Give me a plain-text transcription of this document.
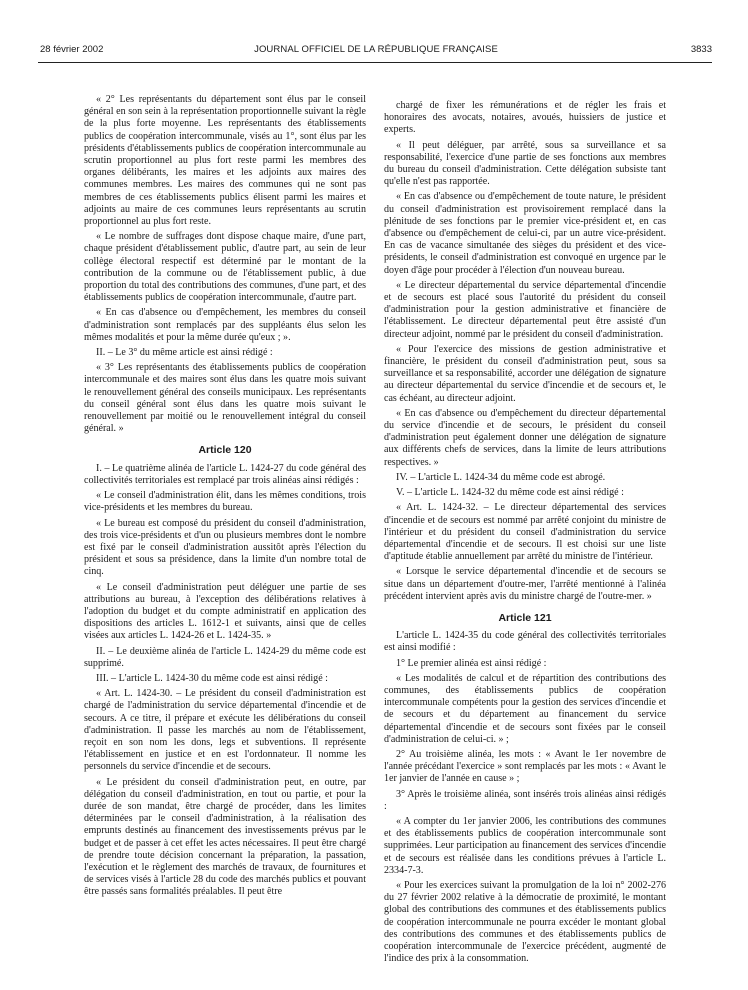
28 février 2002	JOURNAL OFFICIEL DE LA RÉPUBLIQUE FRANÇAISE	3833

« 2° Les représentants du département sont élus par le conseil général en son sein à la représentation proportionnelle suivant la règle de la plus forte moyenne. Les représentants des établissements publics de coopération intercommunale, visés au 1°, sont élus par les présidents d'établissements publics de coopération intercommunale au scrutin proportionnel au plus fort reste parmi les membres des organes délibérants, les maires et les adjoints aux maires des communes membres. Les maires des communes qui ne sont pas membres de ces établissements publics élisent parmi les maires et adjoints au maire de ces communes leurs représentants au scrutin proportionnel au plus fort reste.

« Le nombre de suffrages dont dispose chaque maire, d'une part, chaque président d'établissement public, d'autre part, au sein de leur collège électoral respectif est déterminé par le montant de la contribution de la commune ou de l'établissement public, à due proportion du total des contributions des communes, d'une part, et des établissements publics de coopération intercommunale, d'autre part.

« En cas d'absence ou d'empêchement, les membres du conseil d'administration sont remplacés par des suppléants élus selon les mêmes modalités et pour la même durée qu'eux ; ».

II. – Le 3° du même article est ainsi rédigé :

« 3° Les représentants des établissements publics de coopération intercommunale et des maires sont élus dans les quatre mois suivant le renouvellement général des conseils municipaux. Les représentants du conseil général sont élus dans les quatre mois suivant le renouvellement par moitié ou le renouvellement intégral du conseil général. »

Article 120

I. – Le quatrième alinéa de l'article L. 1424-27 du code général des collectivités territoriales est remplacé par trois alinéas ainsi rédigés :

« Le conseil d'administration élit, dans les mêmes conditions, trois vice-présidents et les membres du bureau.

« Le bureau est composé du président du conseil d'administration, des trois vice-présidents et d'un ou plusieurs membres dont le nombre est fixé par le conseil d'administration aussitôt après l'élection du président et sous sa présidence, dans la limite d'un nombre total de cinq.

« Le conseil d'administration peut déléguer une partie de ses attributions au bureau, à l'exception des délibérations relatives à l'adoption du budget et du compte administratif en application des dispositions des articles L. 1612-1 et suivants, ainsi que de celles visées aux articles L. 1424-26 et L. 1424-35. »

II. – Le deuxième alinéa de l'article L. 1424-29 du même code est supprimé.

III. – L'article L. 1424-30 du même code est ainsi rédigé :

« Art. L. 1424-30. – Le président du conseil d'administration est chargé de l'administration du service départemental d'incendie et de secours. A ce titre, il prépare et exécute les délibérations du conseil d'administration. Il passe les marchés au nom de l'établissement, reçoit en son nom les dons, legs et subventions. Il représente l'établissement en justice et en est l'ordonnateur. Il nomme les personnels du service d'incendie et de secours.

« Le président du conseil d'administration peut, en outre, par délégation du conseil d'administration, en tout ou partie, et pour la durée de son mandat, être chargé de procéder, dans les limites déterminées par le conseil d'administration, à la réalisation des emprunts destinés au financement des investissements prévus par le budget et de passer à cet effet les actes nécessaires. Il peut être chargé de prendre toute décision concernant la préparation, la passation, l'exécution et le règlement des marchés de travaux, de fournitures et de services visés à l'article 28 du code des marchés publics et pouvant être passés sans formalités préalables. Il peut être

chargé de fixer les rémunérations et de régler les frais et honoraires des avocats, notaires, avoués, huissiers de justice et experts.

« Il peut déléguer, par arrêté, sous sa surveillance et sa responsabilité, l'exercice d'une partie de ses fonctions aux membres du bureau du conseil d'administration. Cette délégation subsiste tant qu'elle n'est pas rapportée.

« En cas d'absence ou d'empêchement de toute nature, le président du conseil d'administration est provisoirement remplacé dans la plénitude de ses fonctions par le premier vice-président et, en cas d'absence ou d'empêchement de celui-ci, par un autre vice-président. En cas de vacance simultanée des sièges du président et des vice-présidents, le conseil d'administration est convoqué en urgence par le doyen d'âge pour procéder à l'élection d'un nouveau bureau.

« Le directeur départemental du service départemental d'incendie et de secours est placé sous l'autorité du président du conseil d'administration pour la gestion administrative et financière de l'établissement. Le directeur départemental peut être assisté d'un directeur adjoint, nommé par le président du conseil d'administration.

« Pour l'exercice des missions de gestion administrative et financière, le président du conseil d'administration peut, sous sa surveillance et sa responsabilité, accorder une délégation de signature au directeur départemental du service d'incendie et de secours et, le cas échéant, au directeur adjoint.

« En cas d'absence ou d'empêchement du directeur départemental du service d'incendie et de secours, le président du conseil d'administration peut également donner une délégation de signature aux différents chefs de services, dans la limite de leurs attributions respectives. »

IV. – L'article L. 1424-34 du même code est abrogé.

V. – L'article L. 1424-32 du même code est ainsi rédigé :

« Art. L. 1424-32. – Le directeur départemental des services d'incendie et de secours est nommé par arrêté conjoint du ministre de l'intérieur et du président du conseil d'administration du service départemental d'incendie et de secours. Il est choisi sur une liste d'aptitude établie annuellement par arrêté du ministre de l'intérieur.

« Lorsque le service départemental d'incendie et de secours se situe dans un département d'outre-mer, l'arrêté mentionné à l'alinéa précédent intervient après avis du ministre chargé de l'outre-mer. »

Article 121

L'article L. 1424-35 du code général des collectivités territoriales est ainsi modifié :

1° Le premier alinéa est ainsi rédigé :

« Les modalités de calcul et de répartition des contributions des communes, des établissements publics de coopération intercommunale compétents pour la gestion des services d'incendie et de secours et du département au financement du service départemental d'incendie et de secours sont fixées par le conseil d'administration de celui-ci. » ;

2° Au troisième alinéa, les mots : « Avant le 1er novembre de l'année précédant l'exercice » sont remplacés par les mots : « Avant le 1er janvier de l'année en cause » ;

3° Après le troisième alinéa, sont insérés trois alinéas ainsi rédigés :

« A compter du 1er janvier 2006, les contributions des communes et des établissements publics de coopération intercommunale sont supprimées. Leur participation au financement des services d'incendie et de secours est réalisée dans les conditions prévues à l'article L. 2334-7-3.

« Pour les exercices suivant la promulgation de la loi n° 2002-276 du 27 février 2002 relative à la démocratie de proximité, le montant global des contributions des communes et des établissements publics de coopération intercommunale ne pourra excéder le montant global des contributions des communes et des établissements publics de coopération intercommunale de l'exercice précédent, augmenté de l'indice des prix à la consommation.
